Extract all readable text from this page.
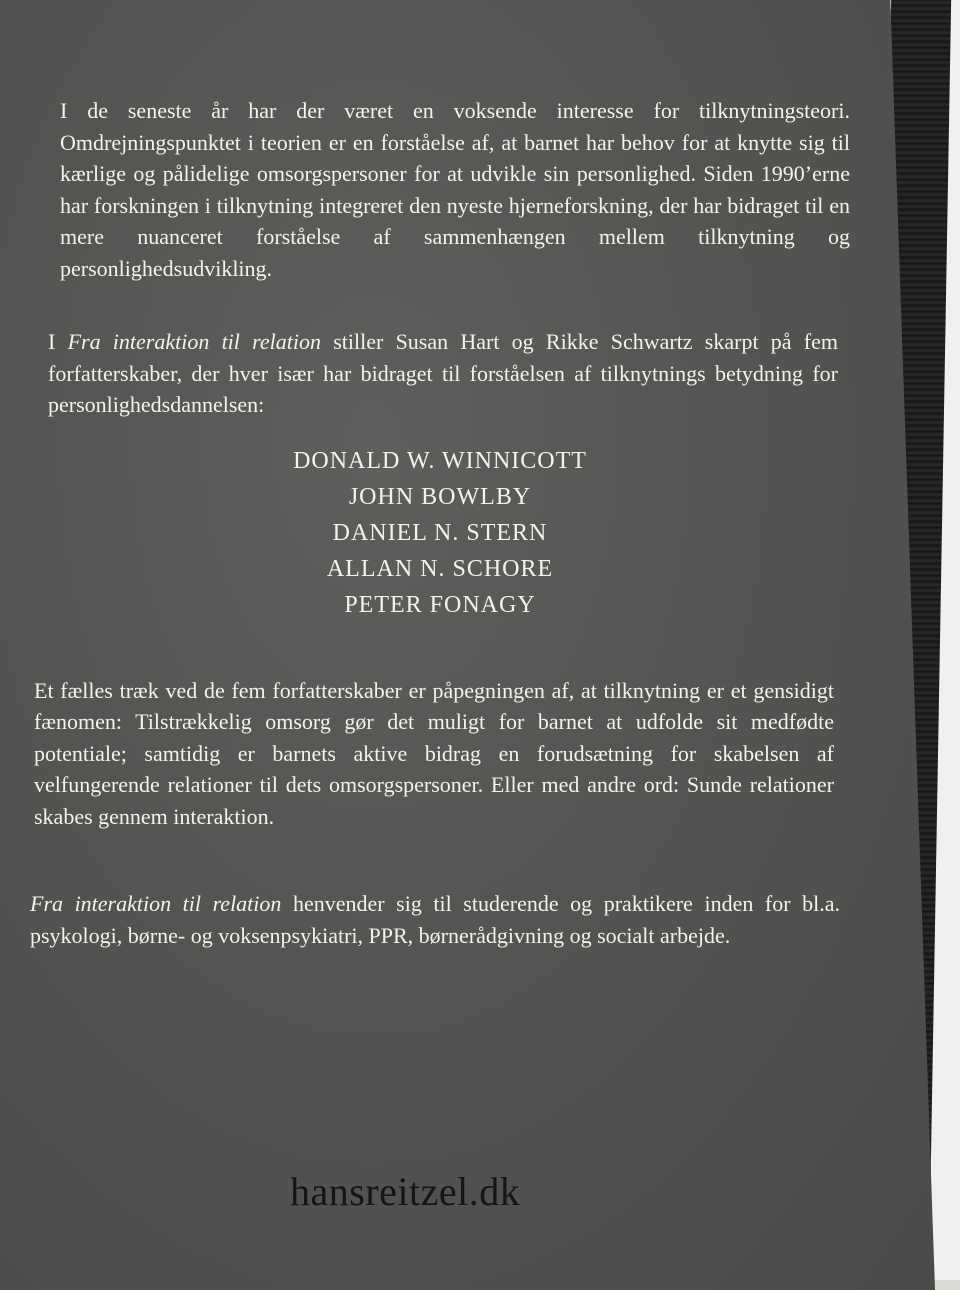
I de seneste år har der været en voksende interesse for tilknytningsteori. Omdrejningspunktet i teorien er en forståelse af, at barnet har behov for at knytte sig til kærlige og pålidelige omsorgspersoner for at udvikle sin personlighed. Siden 1990’erne har forskningen i tilknytning integreret den nyeste hjerneforskning, der har bidraget til en mere nuanceret forståelse af sammenhængen mellem tilknytning og personlighedsudvikling.

I Fra interaktion til relation stiller Susan Hart og Rikke Schwartz skarpt på fem forfatterskaber, der hver især har bidraget til forståelsen af tilknytnings betydning for personlighedsdannelsen:

DONALD W. WINNICOTT
JOHN BOWLBY
DANIEL N. STERN
ALLAN N. SCHORE
PETER FONAGY

Et fælles træk ved de fem forfatterskaber er påpegningen af, at tilknytning er et gensidigt fænomen: Tilstrækkelig omsorg gør det muligt for barnet at udfolde sit medfødte potentiale; samtidig er barnets aktive bidrag en forudsætning for skabelsen af velfungerende relationer til dets omsorgspersoner. Eller med andre ord: Sunde relationer skabes gennem interaktion.

Fra interaktion til relation henvender sig til studerende og praktikere inden for bl.a. psykologi, børne- og voksenpsykiatri, PPR, børnerådgivning og socialt arbejde.

hansreitzel.dk
